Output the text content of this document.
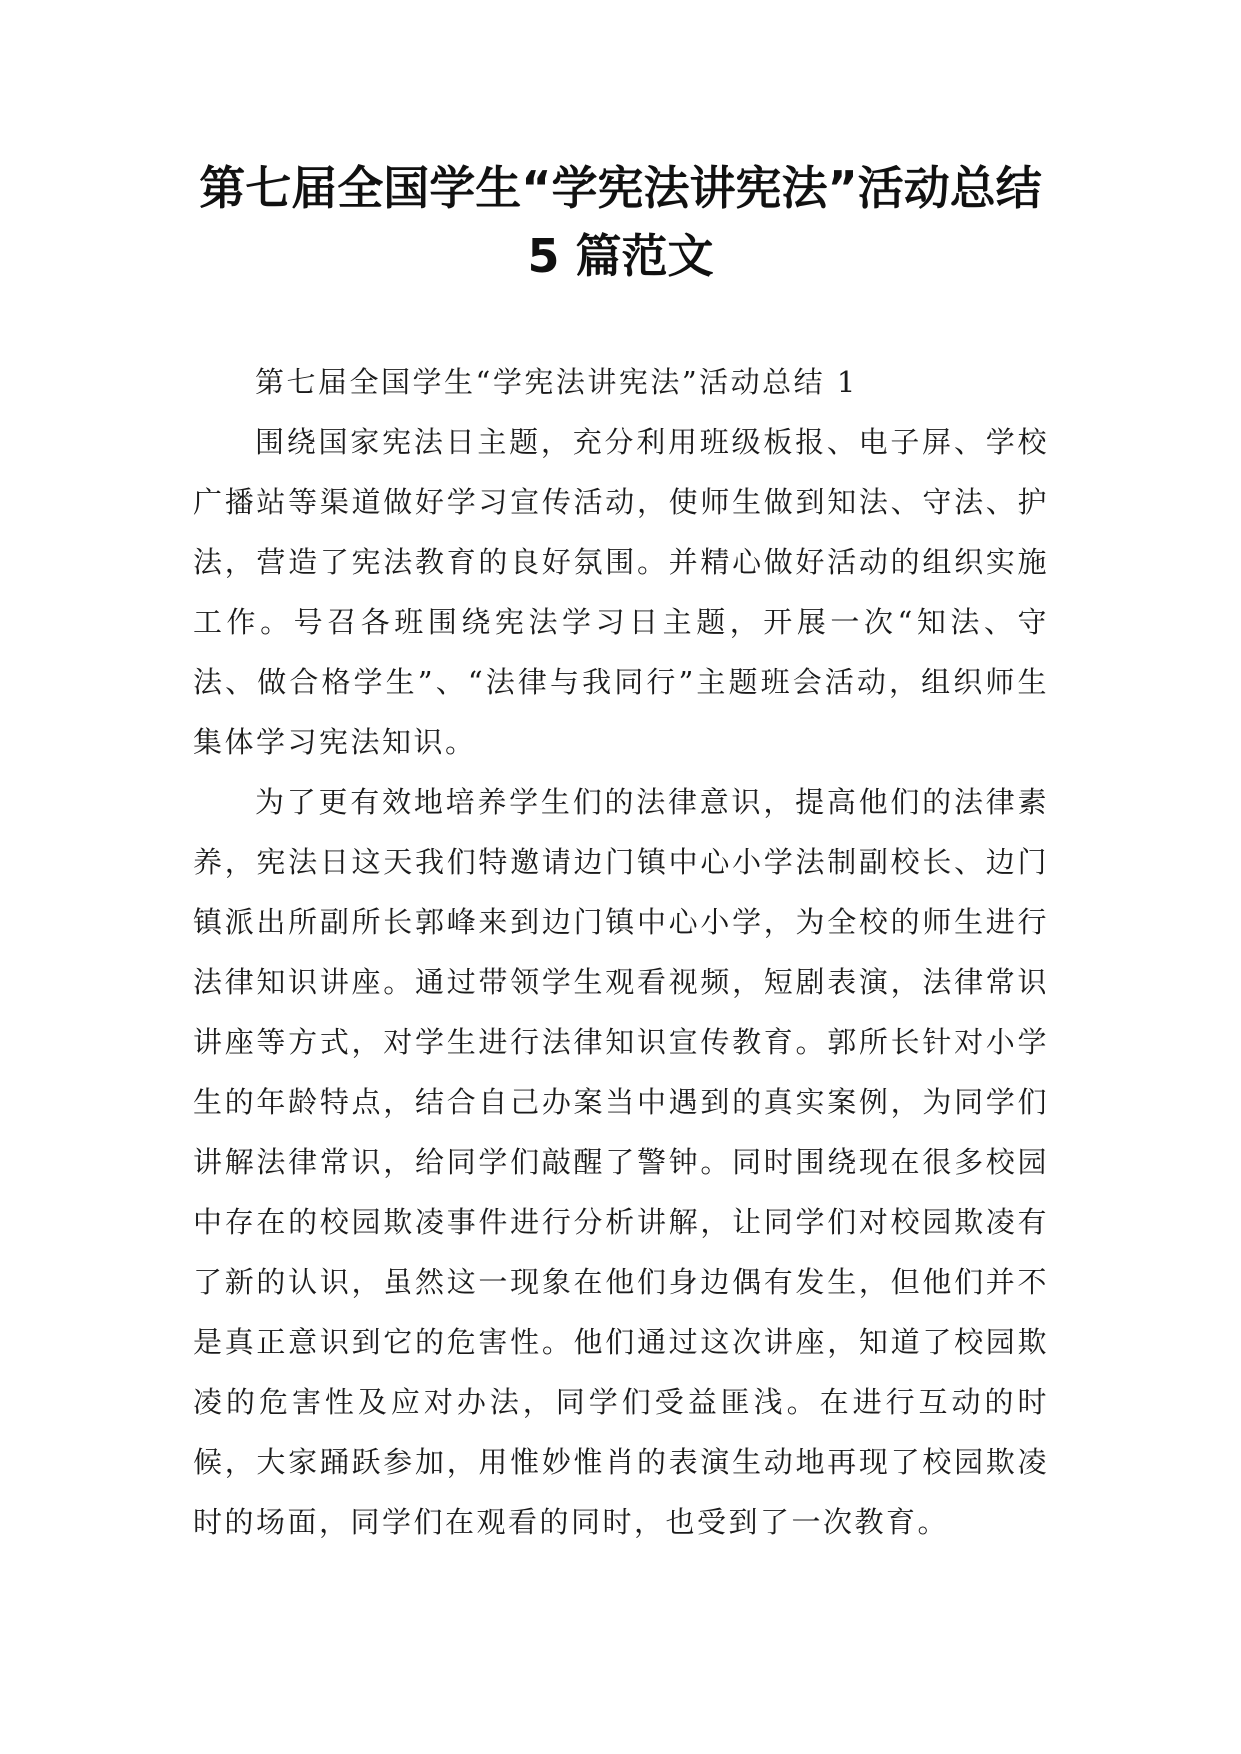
第七届全国学生“学宪法讲宪法”活动总结
5 篇范文

第七届全国学生“学宪法讲宪法”活动总结 1

围绕国家宪法日主题，充分利用班级板报、电子屏、学校广播站等渠道做好学习宣传活动，使师生做到知法、守法、护法，营造了宪法教育的良好氛围。并精心做好活动的组织实施工作。号召各班围绕宪法学习日主题，开展一次“知法、守法、做合格学生”、“法律与我同行”主题班会活动，组织师生集体学习宪法知识。

为了更有效地培养学生们的法律意识，提高他们的法律素养，宪法日这天我们特邀请边门镇中心小学法制副校长、边门镇派出所副所长郭峰来到边门镇中心小学，为全校的师生进行法律知识讲座。通过带领学生观看视频，短剧表演，法律常识讲座等方式，对学生进行法律知识宣传教育。郭所长针对小学生的年龄特点，结合自己办案当中遇到的真实案例，为同学们讲解法律常识，给同学们敲醒了警钟。同时围绕现在很多校园中存在的校园欺凌事件进行分析讲解，让同学们对校园欺凌有了新的认识，虽然这一现象在他们身边偶有发生，但他们并不是真正意识到它的危害性。他们通过这次讲座，知道了校园欺凌的危害性及应对办法，同学们受益匪浅。在进行互动的时候，大家踊跃参加，用惟妙惟肖的表演生动地再现了校园欺凌时的场面，同学们在观看的同时，也受到了一次教育。
